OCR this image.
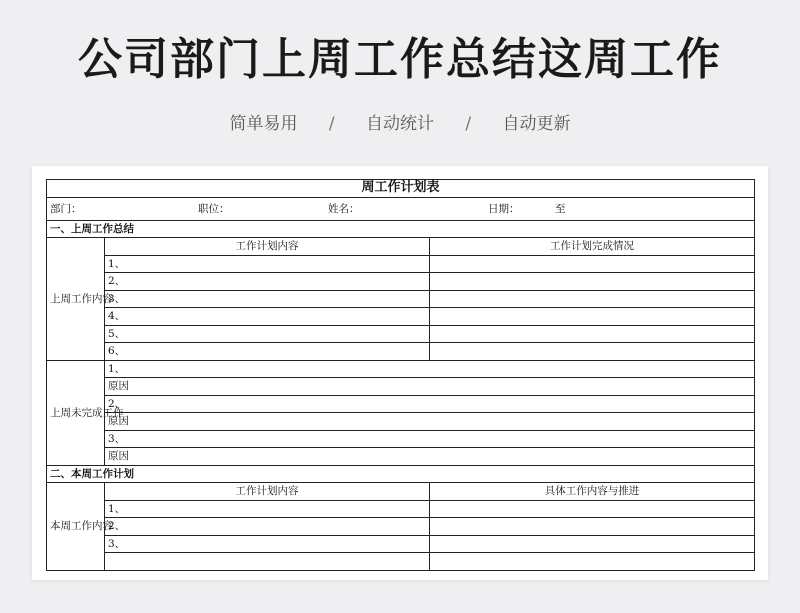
公司部门上周工作总结这周工作
简单易用 / 自动统计 / 自动更新
周工作计划表		

部门： 职位： 姓名： 日期： 至		

一、上周工作总结		
上周工作内容	工作计划内容	工作计划完成情况
	1、	
	2、	
	3、	
	4、	
	5、	
	6、	
上周未完成工作	1、	
	原因	
	2、	
	原因	
	3、	
	原因	
二、本周工作计划		
本周工作内容	工作计划内容	具体工作内容与推进
	1、	
	2、	
	3、	
